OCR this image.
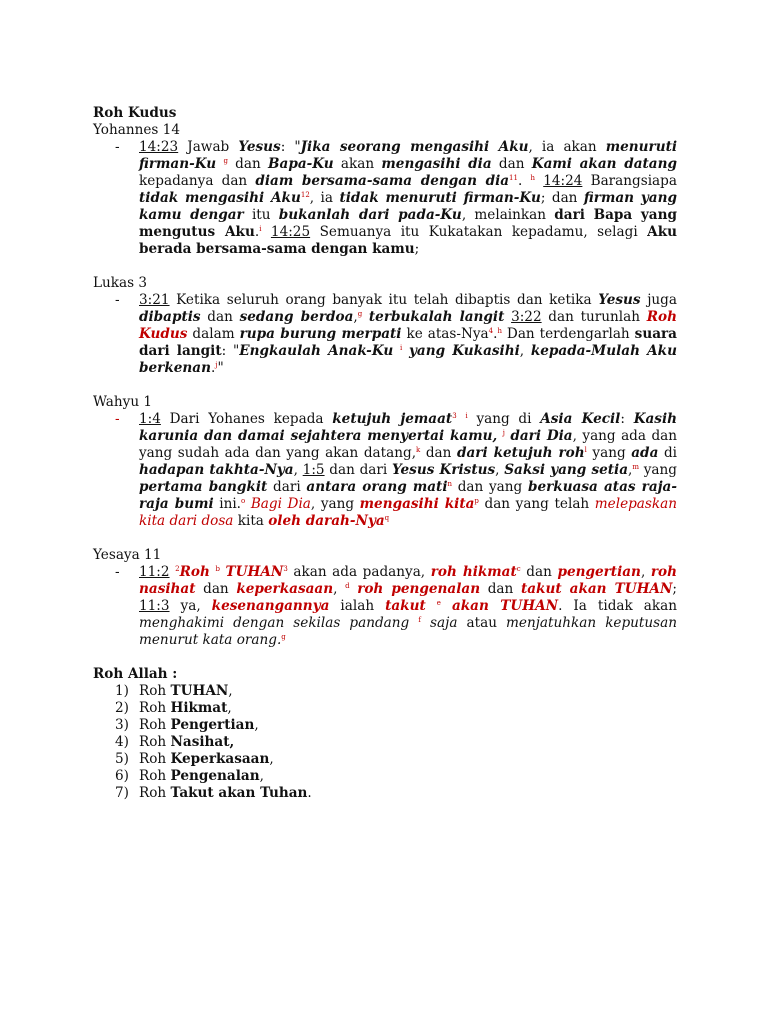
Roh Kudus
Yohannes 14
- 14:23 Jawab Yesus: "Jika seorang mengasihi Aku, ia akan menuruti firman-Ku $^g$ dan Bapa-Ku akan mengasihi dia dan Kami akan datang kepadanya dan diam bersama-sama dengan dia$^{11}$. $^h$ 14:24 Barangsiapa tidak mengasihi Aku$^{12}$, ia tidak menuruti firman-Ku; dan firman yang kamu dengar itu bukanlah dari pada-Ku, melainkan dari Bapa yang mengutus Aku.$^i$ 14:25 Semuanya itu Kukatakan kepadamu, selagi Aku berada bersama-sama dengan kamu;
Lukas 3
- 3:21 Ketika seluruh orang banyak itu telah dibaptis dan ketika Yesus juga dibaptis dan sedang berdoa,$^g$ terbukalah langit 3:22 dan turunlah Roh Kudus dalam rupa burung merpati ke atas-Nya$^4$.$^h$ Dan terdengarlah suara dari langit: "Engkaulah Anak-Ku $^i$ yang Kukasihi, kepada-Mulah Aku berkenan.$^j$"
Wahyu 1
- 1:4 Dari Yohanes kepada ketujuh jemaat$^3$ $^i$ yang di Asia Kecil: Kasih karunia dan damai sejahtera menyertai kamu, $^j$ dari Dia, yang ada dan yang sudah ada dan yang akan datang,$^k$ dan dari ketujuh roh$^l$ yang ada di hadapan takhta-Nya, 1:5 dan dari Yesus Kristus, Saksi yang setia,$^m$ yang pertama bangkit dari antara orang mati$^n$ dan yang berkuasa atas raja-raja bumi ini.$^o$ Bagi Dia, yang mengasihi kita$^p$ dan yang telah melepaskan kita dari dosa kita oleh darah-Nya$^q$
Yesaya 11
- 11:2 $^2$Roh $^b$ TUHAN$^3$ akan ada padanya, roh hikmat$^c$ dan pengertian, roh nasihat dan keperkasaan, $^d$ roh pengenalan dan takut akan TUHAN; 11:3 ya, kesenangannya ialah takut $^e$ akan TUHAN. Ia tidak akan menghakimi dengan sekilas pandang $^f$ saja atau menjatuhkan keputusan menurut kata orang.$^g$
Roh Allah :
1) Roh TUHAN,
2) Roh Hikmat,
3) Roh Pengertian,
4) Roh Nasihat,
5) Roh Keperkasaan,
6) Roh Pengenalan,
7) Roh Takut akan Tuhan.
